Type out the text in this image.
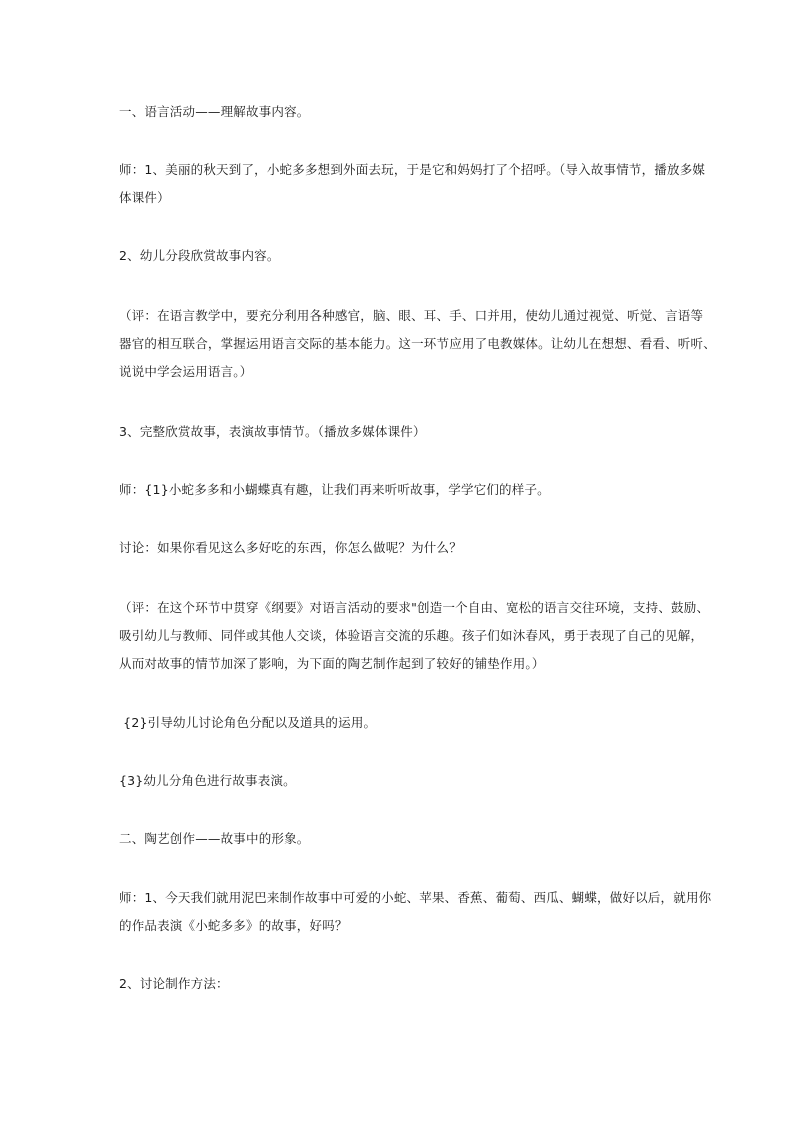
一、语言活动——理解故事内容。
师：1、美丽的秋天到了，小蛇多多想到外面去玩，于是它和妈妈打了个招呼。（导入故事情节，播放多媒
体课件）
2、幼儿分段欣赏故事内容。
（评：在语言教学中，要充分利用各种感官，脑、眼、耳、手、口并用，使幼儿通过视觉、听觉、言语等
器官的相互联合，掌握运用语言交际的基本能力。这一环节应用了电教媒体。让幼儿在想想、看看、听听、
说说中学会运用语言。）
3、完整欣赏故事，表演故事情节。（播放多媒体课件）
师：{1}小蛇多多和小蝴蝶真有趣，让我们再来听听故事，学学它们的样子。
讨论：如果你看见这么多好吃的东西，你怎么做呢？为什么？
（评：在这个环节中贯穿《纲要》对语言活动的要求"创造一个自由、宽松的语言交往环境，支持、鼓励、
吸引幼儿与教师、同伴或其他人交谈，体验语言交流的乐趣。孩子们如沐春风，勇于表现了自己的见解，
从而对故事的情节加深了影响，为下面的陶艺制作起到了较好的铺垫作用。）
{2}引导幼儿讨论角色分配以及道具的运用。
{3}幼儿分角色进行故事表演。
二、陶艺创作——故事中的形象。
师：1、今天我们就用泥巴来制作故事中可爱的小蛇、苹果、香蕉、葡萄、西瓜、蝴蝶，做好以后，就用你
的作品表演《小蛇多多》的故事，好吗？
2、讨论制作方法：
